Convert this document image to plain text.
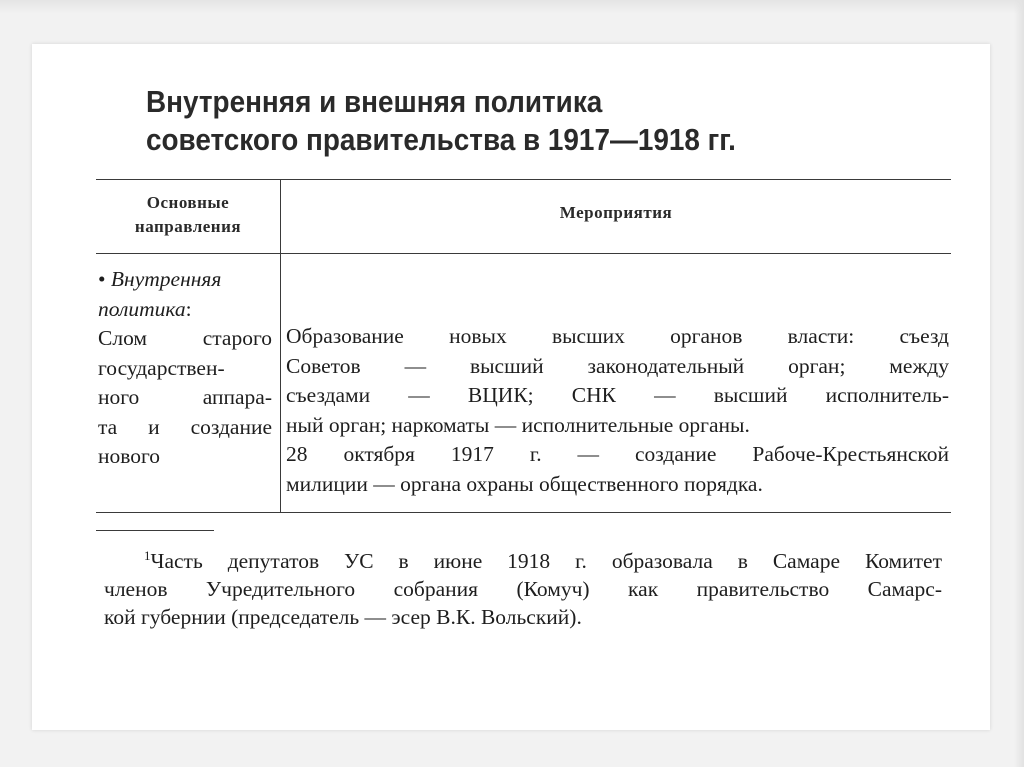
Внутренняя и внешняя политика
советского правительства в 1917—1918 гг.
Основные
направления
Мероприятия
• Внутренняя
политика:
Слом старого
государствен-
ного аппара-
та и создание
нового
Образование новых высших органов власти: съезд
Советов — высший законодательный орган; между
съездами — ВЦИК; СНК — высший исполнитель-
ный орган; наркоматы — исполнительные органы.
28 октября 1917 г. — создание Рабоче-Крестьянской
милиции — органа охраны общественного порядка.
$^1$Часть депутатов УС в июне 1918 г. образовала в Самаре Комитет
членов Учредительного собрания (Комуч) как правительство Самарс-
кой губернии (председатель — эсер В.К. Вольский).
